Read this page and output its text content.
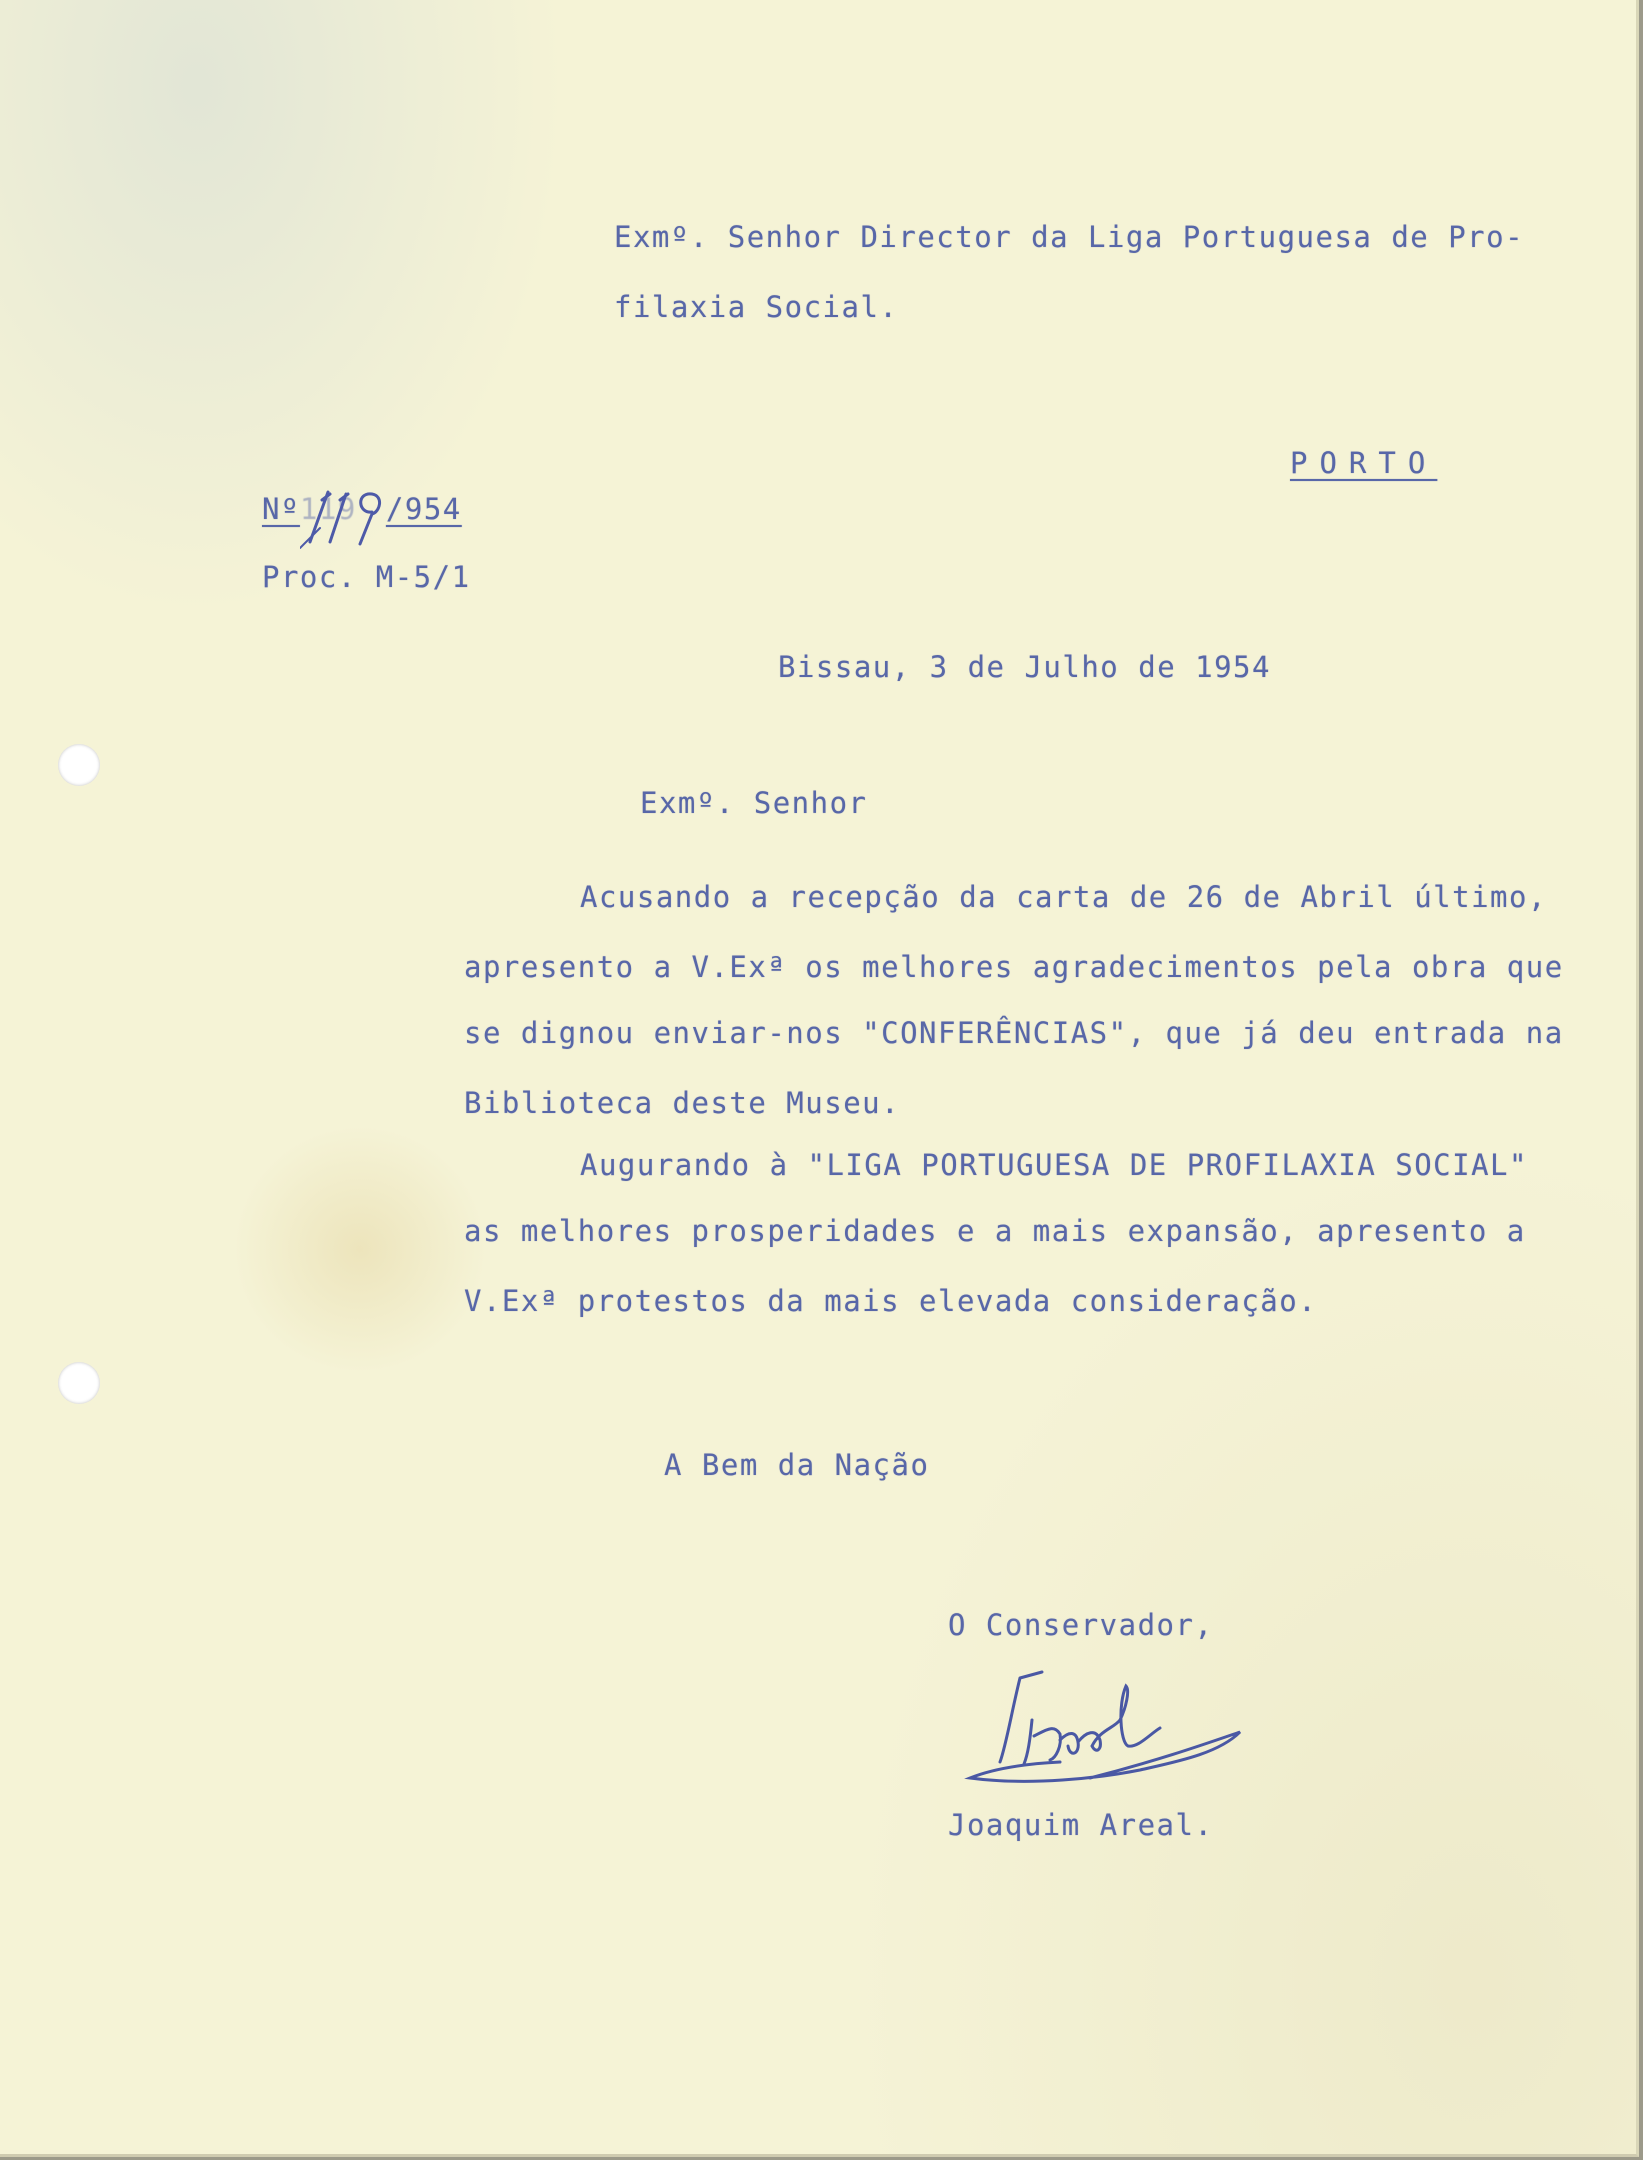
Exmº. Senhor Director da Liga Portuguesa de Pro-
filaxia Social.
PORTO
Nº119 /954
Proc. M-5/1
Bissau, 3 de Julho de 1954
Exmº. Senhor
Acusando a recepção da carta de 26 de Abril último,
apresento a V.Exª os melhores agradecimentos pela obra que
se dignou enviar-nos "CONFERÊNCIAS", que já deu entrada na
Biblioteca deste Museu.
Augurando à "LIGA PORTUGUESA DE PROFILAXIA SOCIAL"
as melhores prosperidades e a mais expansão, apresento a
V.Exª protestos da mais elevada consideração.
A Bem da Nação
O Conservador,
Joaquim Areal.
